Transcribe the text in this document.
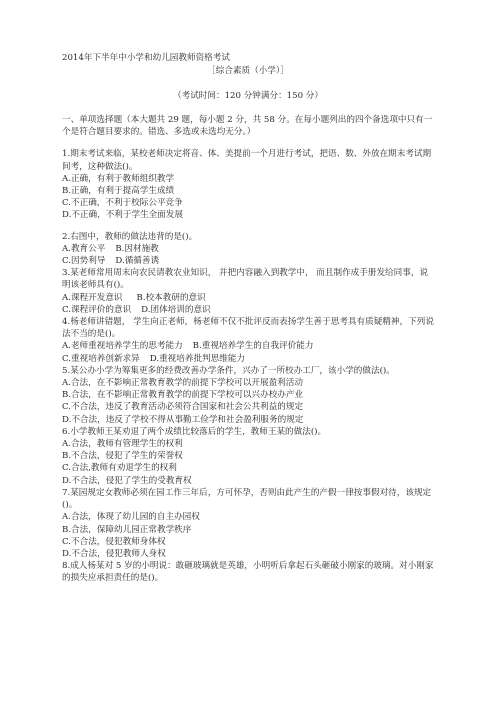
2014年下半年中小学和幼儿园教师资格考试
［综合素质（小学）］
（考试时间：120 分钟满分：150 分）
一、单项选择题（本大题共 29 题，每小题 2 分，共 58 分。在每小题列出的四个备选项中只有一个是符合题目要求的。错选、多选或未选均无分。）
1.期末考试来临，某校老师决定将音、体、美提前一个月进行考试，把语、数、外放在期末考试期间考，这种做法()。
A.正确，有利于教师组织教学
B.正确，有利于提高学生成绩
C.不正确，不利于校际公平竞争
D.不正确，不利于学生全面发展
2.右图中，教师的做法违背的是()。
A.教育公平 B.因材施教
C.因势利导 D.循循善诱
3.某老师常用周末向农民请教农业知识， 并把内容融入到教学中， 而且制作成手册发给同事，说明该老师具有()。
A.课程开发意识 B.校本教研的意识
C.课程评价的意识 D.团体培训的意识
4.杨老师讲错题， 学生向正老师，杨老师不仅不批评反而表扬学生善于思考具有质疑精神，下列说法不当的是()。
A.老师重视培养学生的思考能力 B.重视培养学生的自我评价能力
C.重视培养创新求异 D.重视培养批判思维能力
5.某公办小学为筹集更多的经费改善办学条件，兴办了一所校办工厂，该小学的做法()。
A.合法，在不影响正常教育教学的前提下学校可以开展盈利活动
B.合法，在不影响正常教育教学的前提下学校可以兴办校办产业
C.不合法，违反了教育活动必须符合国家和社会公共利益的规定
D.不合法，违反了学校不得从事勤工俭学和社会盈利服务的规定
6.小学教师王某劝退了两个成绩比较落后的学生，教师王某的做法()。
A.合法，教师有管理学生的权利
B.不合法，侵犯了学生的荣誉权
C.合法,教师有劝退学生的权利
D.不合法，侵犯了学生的受教育权
7.某园规定女教师必须在园工作三年后，方可怀孕，否则由此产生的产假一律按事假对待，该规定()。
A.合法，体现了幼儿园的自主办园权
B.合法，保障幼儿园正常教学秩序
C.不合法，侵犯教师身体权
D.不合法，侵犯教师人身权
8.成人杨某对 5 岁的小明说：敢砸玻璃就是英雄，小明听后拿起石头砸破小刚家的玻璃。对小刚家的损失应承担责任的是()。
